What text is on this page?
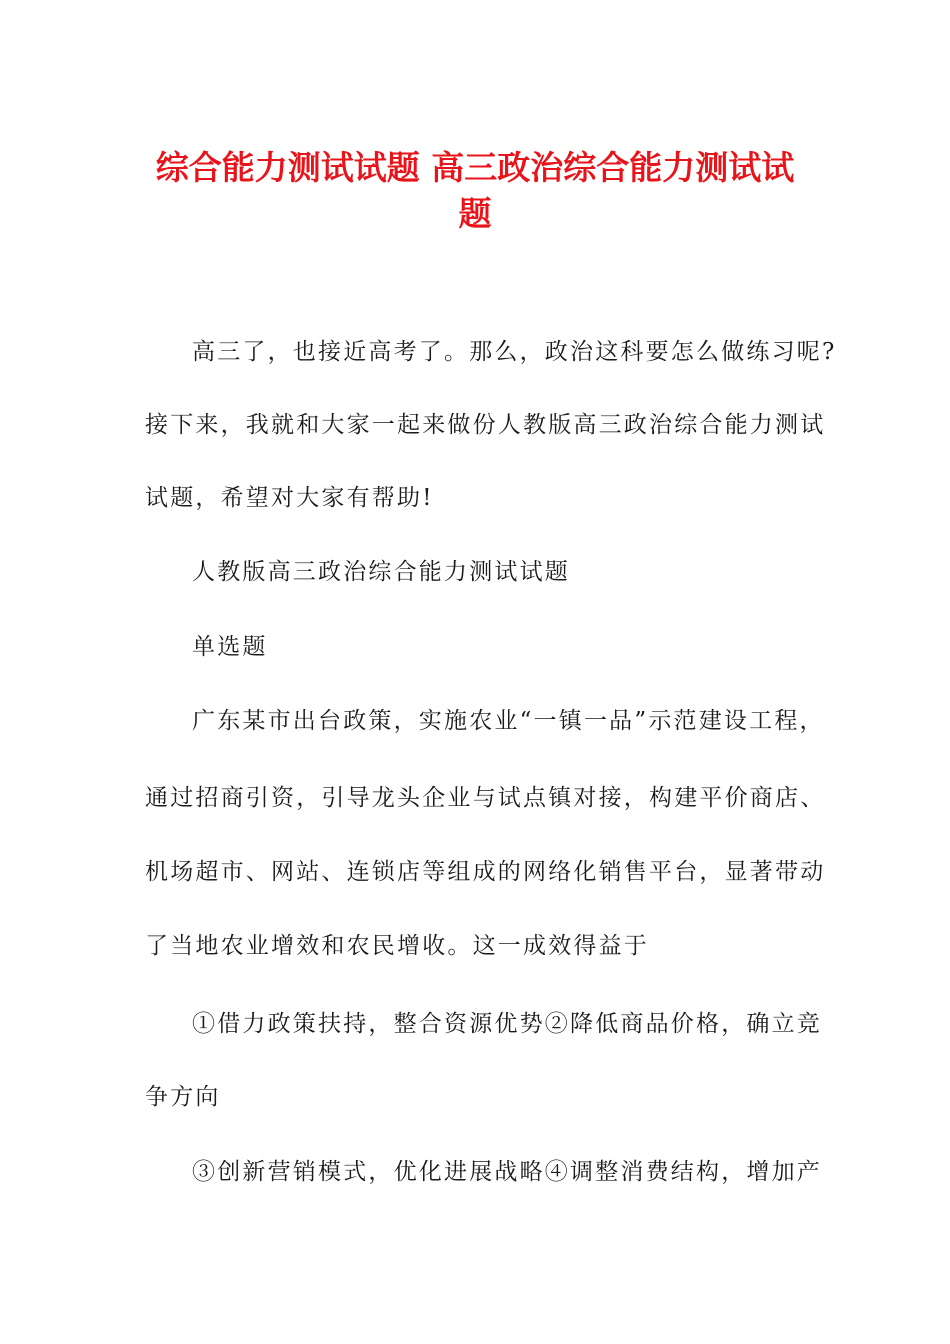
综合能力测试试题 高三政治综合能力测试试
题
高三了，也接近高考了。那么，政治这科要怎么做练习呢?
接下来，我就和大家一起来做份人教版高三政治综合能力测试
试题，希望对大家有帮助!
人教版高三政治综合能力测试试题
单选题
广东某市出台政策，实施农业“一镇一品”示范建设工程，
通过招商引资，引导龙头企业与试点镇对接，构建平价商店、
机场超市、网站、连锁店等组成的网络化销售平台，显著带动
了当地农业增效和农民增收。这一成效得益于
①借力政策扶持，整合资源优势②降低商品价格，确立竞
争方向
③创新营销模式，优化进展战略④调整消费结构，增加产
